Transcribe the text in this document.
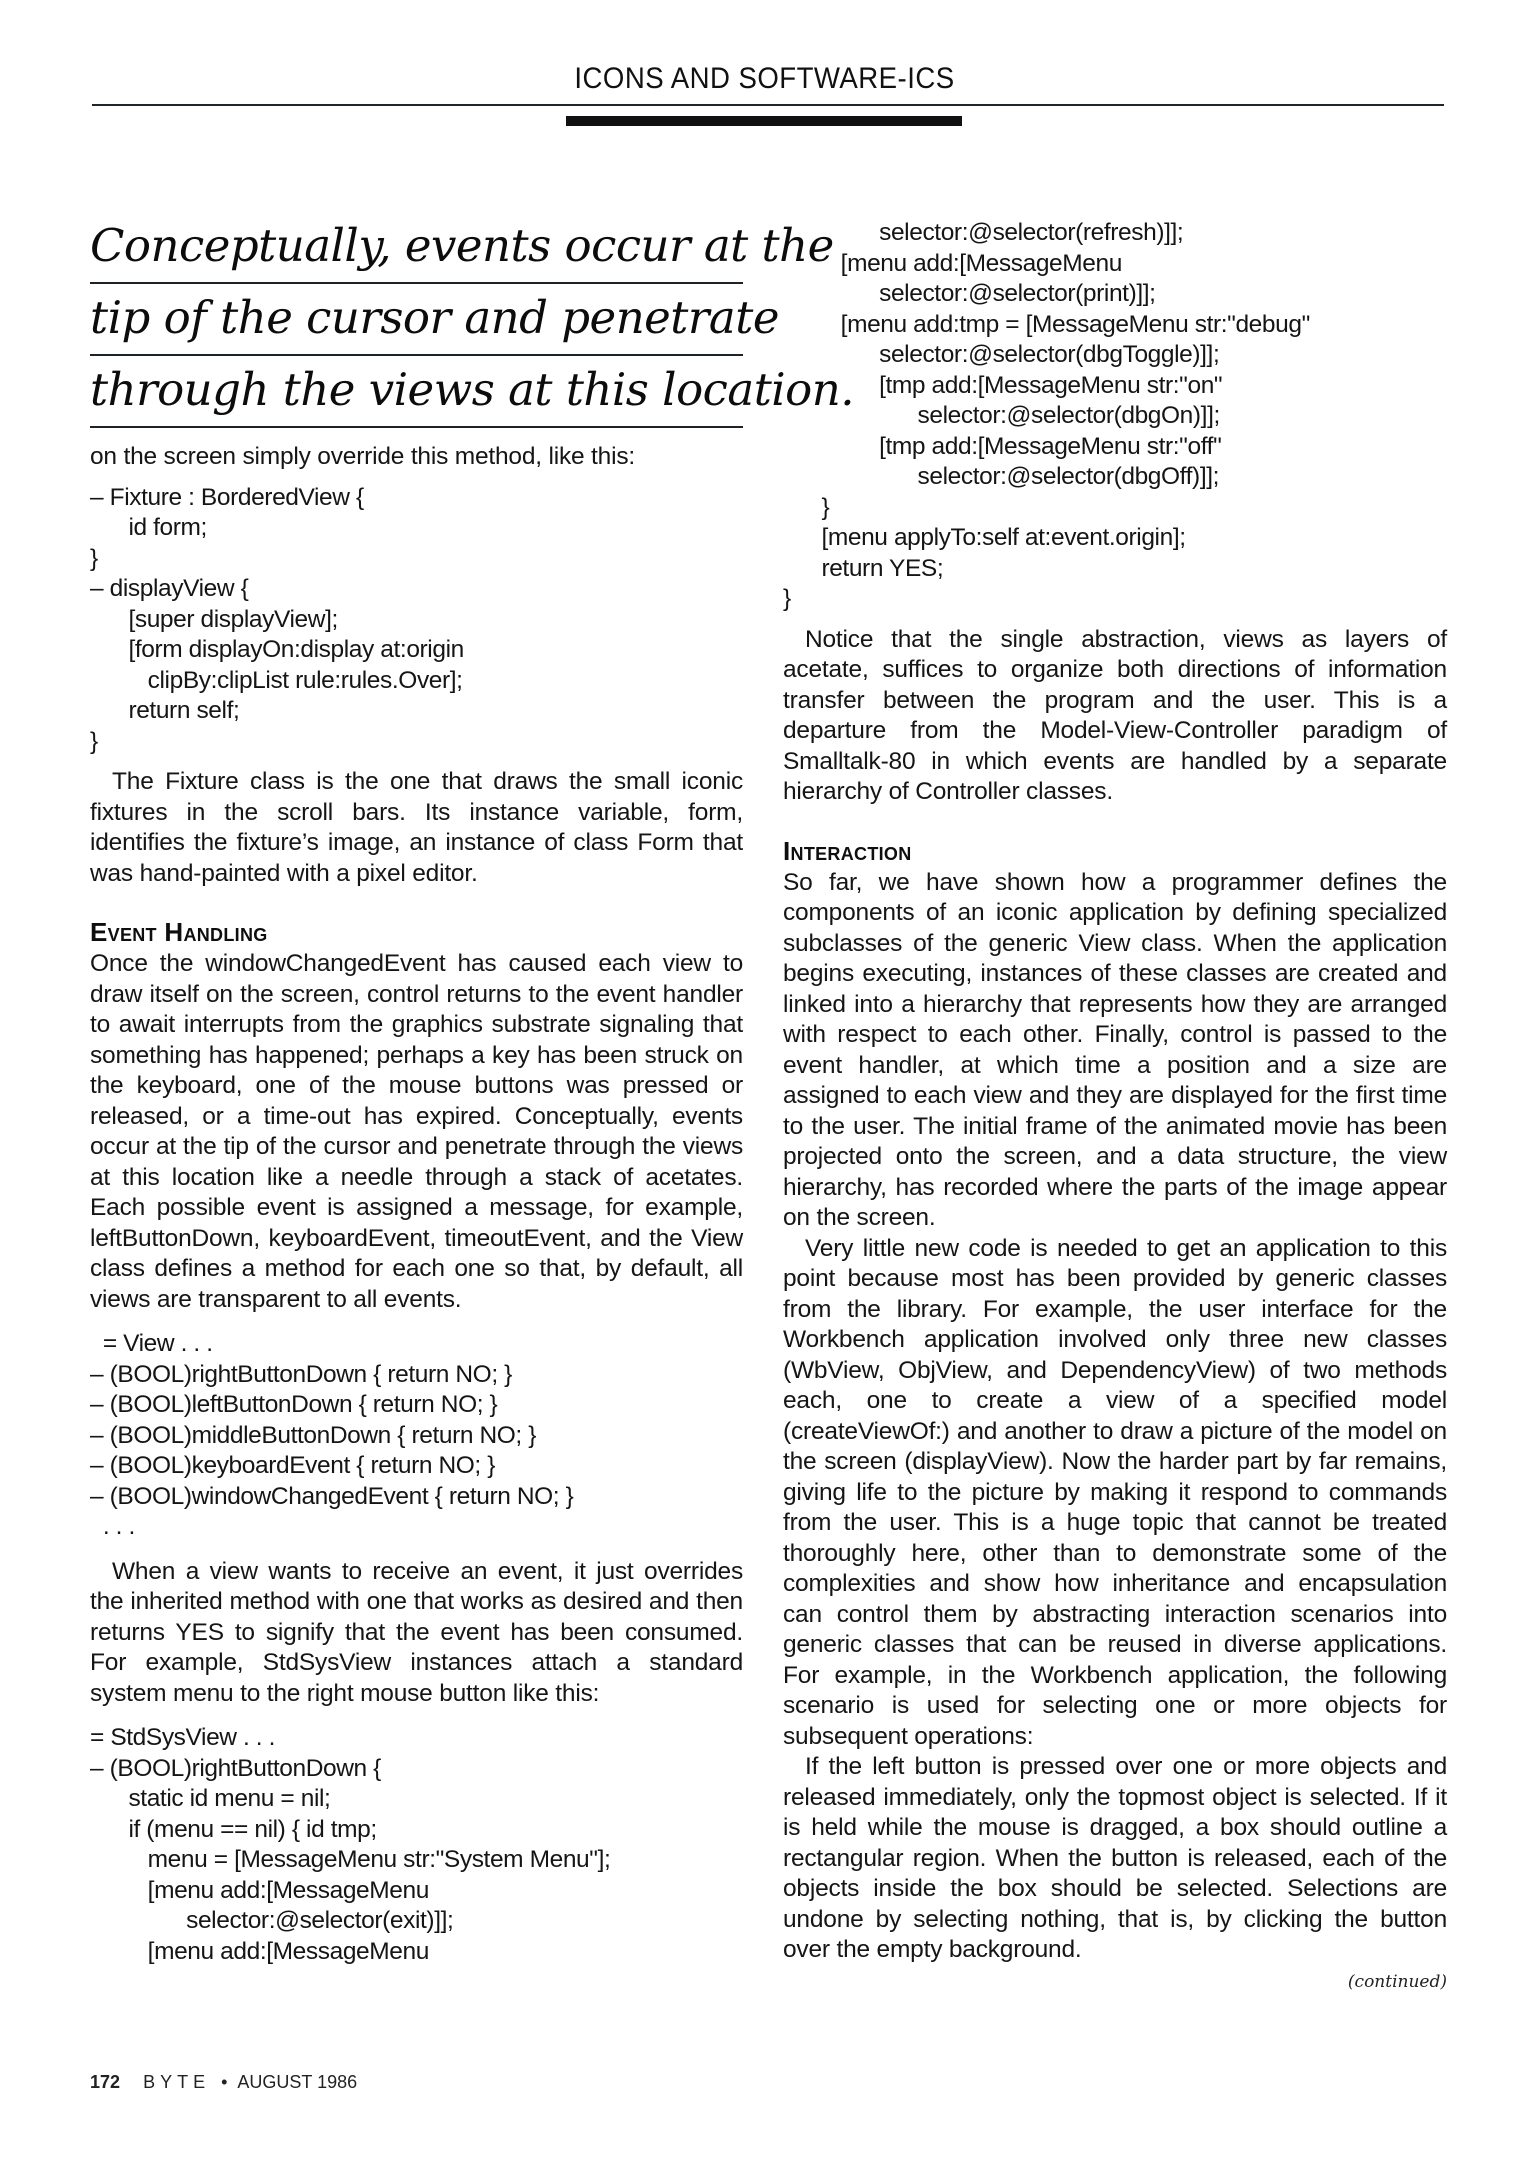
ICONS AND SOFTWARE-ICS
Conceptually, events occur at the
tip of the cursor and penetrate
through the views at this location.

on the screen simply override this method, like this:

– Fixture : BorderedView {
id form;
}
– displayView {
[super displayView];
[form displayOn:display at:origin
clipBy:clipList rule:rules.Over];
return self;
}

The Fixture class is the one that draws the small iconic fixtures in the scroll bars. Its instance variable, form, identifies the fixture’s image, an instance of class Form that was hand-painted with a pixel editor.

Event Handling

Once the windowChangedEvent has caused each view to draw itself on the screen, control returns to the event handler to await interrupts from the graphics substrate signaling that something has happened; perhaps a key has been struck on the keyboard, one of the mouse buttons was pressed or released, or a time-out has expired. Conceptually, events occur at the tip of the cursor and penetrate through the views at this location like a needle through a stack of acetates. Each possible event is assigned a message, for example, leftButtonDown, keyboardEvent, timeoutEvent, and the View class defines a method for each one so that, by default, all views are transparent to all events.

= View . . .
– (BOOL)rightButtonDown { return NO; }
– (BOOL)leftButtonDown { return NO; }
– (BOOL)middleButtonDown { return NO; }
– (BOOL)keyboardEvent { return NO; }
– (BOOL)windowChangedEvent { return NO; }
. . .

When a view wants to receive an event, it just overrides the inherited method with one that works as desired and then returns YES to signify that the event has been consumed. For example, StdSysView instances attach a standard system menu to the right mouse button like this:

= StdSysView . . .
– (BOOL)rightButtonDown {
static id menu = nil;
if (menu == nil) { id tmp;
menu = [MessageMenu str:"System Menu"];
[menu add:[MessageMenu
selector:@selector(exit)]];
[menu add:[MessageMenu
selector:@selector(refresh)]];
[menu add:[MessageMenu
selector:@selector(print)]];
[menu add:tmp = [MessageMenu str:"debug"
selector:@selector(dbgToggle)]];
[tmp add:[MessageMenu str:"on"
selector:@selector(dbgOn)]];
[tmp add:[MessageMenu str:"off"
selector:@selector(dbgOff)]];
}
[menu applyTo:self at:event.origin];
return YES;
}

Notice that the single abstraction, views as layers of acetate, suffices to organize both directions of information transfer between the program and the user. This is a departure from the Model-View-Controller paradigm of Smalltalk-80 in which events are handled by a separate hierarchy of Controller classes.

Interaction

So far, we have shown how a programmer defines the components of an iconic application by defining specialized subclasses of the generic View class. When the application begins executing, instances of these classes are created and linked into a hierarchy that represents how they are arranged with respect to each other. Finally, control is passed to the event handler, at which time a position and a size are assigned to each view and they are displayed for the first time to the user. The initial frame of the animated movie has been projected onto the screen, and a data structure, the view hierarchy, has recorded where the parts of the image appear on the screen.

Very little new code is needed to get an application to this point because most has been provided by generic classes from the library. For example, the user interface for the Workbench application involved only three new classes (WbView, ObjView, and DependencyView) of two methods each, one to create a view of a specified model (createViewOf:) and another to draw a picture of the model on the screen (displayView). Now the harder part by far remains, giving life to the picture by making it respond to commands from the user. This is a huge topic that cannot be treated thoroughly here, other than to demonstrate some of the complexities and show how inheritance and encapsulation can control them by abstracting interaction scenarios into generic classes that can be reused in diverse applications. For example, in the Workbench application, the following scenario is used for selecting one or more objects for subsequent operations:

If the left button is pressed over one or more objects and released immediately, only the topmost object is selected. If it is held while the mouse is dragged, a box should outline a rectangular region. When the button is released, each of the objects inside the box should be selected. Selections are undone by selecting nothing, that is, by clicking the button over the empty background.

(continued)
172 BYTE • AUGUST 1986
